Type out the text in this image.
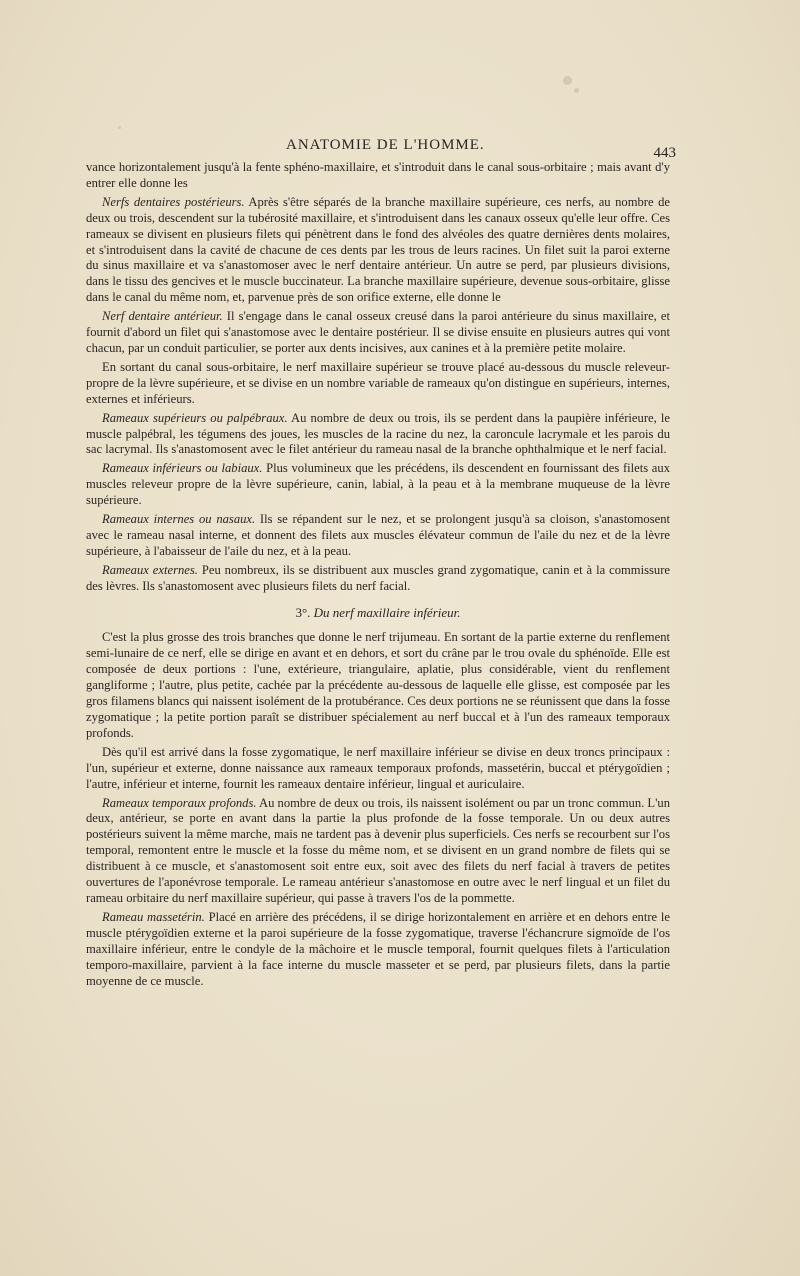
ANATOMIE DE L'HOMME.	443

vance horizontalement jusqu'à la fente sphéno-maxillaire, et s'introduit dans le canal sous-orbitaire ; mais avant d'y entrer elle donne les

Nerfs dentaires postérieurs. Après s'être séparés de la branche maxillaire supérieure, ces nerfs, au nombre de deux ou trois, descendent sur la tubérosité maxillaire, et s'introduisent dans les canaux osseux qu'elle leur offre. Ces rameaux se divisent en plusieurs filets qui pénètrent dans le fond des alvéoles des quatre dernières dents molaires, et s'introduisent dans la cavité de chacune de ces dents par les trous de leurs racines. Un filet suit la paroi externe du sinus maxillaire et va s'anastomoser avec le nerf dentaire antérieur. Un autre se perd, par plusieurs divisions, dans le tissu des gencives et le muscle buccinateur. La branche maxillaire supérieure, devenue sous-orbitaire, glisse dans le canal du même nom, et, parvenue près de son orifice externe, elle donne le

Nerf dentaire antérieur. Il s'engage dans le canal osseux creusé dans la paroi antérieure du sinus maxillaire, et fournit d'abord un filet qui s'anastomose avec le dentaire postérieur. Il se divise ensuite en plusieurs autres qui vont chacun, par un conduit particulier, se porter aux dents incisives, aux canines et à la première petite molaire.

En sortant du canal sous-orbitaire, le nerf maxillaire supérieur se trouve placé au-dessous du muscle releveur-propre de la lèvre supérieure, et se divise en un nombre variable de rameaux qu'on distingue en supérieurs, internes, externes et inférieurs.

Rameaux supérieurs ou palpébraux. Au nombre de deux ou trois, ils se perdent dans la paupière inférieure, le muscle palpébral, les tégumens des joues, les muscles de la racine du nez, la caroncule lacrymale et les parois du sac lacrymal. Ils s'anastomosent avec le filet antérieur du rameau nasal de la branche ophthalmique et le nerf facial.

Rameaux inférieurs ou labiaux. Plus volumineux que les précédens, ils descendent en fournissant des filets aux muscles releveur propre de la lèvre supérieure, canin, labial, à la peau et à la membrane muqueuse de la lèvre supérieure.

Rameaux internes ou nasaux. Ils se répandent sur le nez, et se prolongent jusqu'à sa cloison, s'anastomosent avec le rameau nasal interne, et donnent des filets aux muscles élévateur commun de l'aile du nez et de la lèvre supérieure, à l'abaisseur de l'aile du nez, et à la peau.

Rameaux externes. Peu nombreux, ils se distribuent aux muscles grand zygomatique, canin et à la commissure des lèvres. Ils s'anastomosent avec plusieurs filets du nerf facial.

3°. Du nerf maxillaire inférieur.

C'est la plus grosse des trois branches que donne le nerf trijumeau. En sortant de la partie externe du renflement semi-lunaire de ce nerf, elle se dirige en avant et en dehors, et sort du crâne par le trou ovale du sphénoïde. Elle est composée de deux portions : l'une, extérieure, triangulaire, aplatie, plus considérable, vient du renflement gangliforme ; l'autre, plus petite, cachée par la précédente au-dessous de laquelle elle glisse, est composée par les gros filamens blancs qui naissent isolément de la protubérance. Ces deux portions ne se réunissent que dans la fosse zygomatique ; la petite portion paraît se distribuer spécialement au nerf buccal et à l'un des rameaux temporaux profonds.

Dès qu'il est arrivé dans la fosse zygomatique, le nerf maxillaire inférieur se divise en deux troncs principaux : l'un, supérieur et externe, donne naissance aux rameaux temporaux profonds, massetérin, buccal et ptérygoïdien ; l'autre, inférieur et interne, fournit les rameaux dentaire inférieur, lingual et auriculaire.

Rameaux temporaux profonds. Au nombre de deux ou trois, ils naissent isolément ou par un tronc commun. L'un deux, antérieur, se porte en avant dans la partie la plus profonde de la fosse temporale. Un ou deux autres postérieurs suivent la même marche, mais ne tardent pas à devenir plus superficiels. Ces nerfs se recourbent sur l'os temporal, remontent entre le muscle et la fosse du même nom, et se divisent en un grand nombre de filets qui se distribuent à ce muscle, et s'anastomosent soit entre eux, soit avec des filets du nerf facial à travers de petites ouvertures de l'aponévrose temporale. Le rameau antérieur s'anastomose en outre avec le nerf lingual et un filet du rameau orbitaire du nerf maxillaire supérieur, qui passe à travers l'os de la pommette.

Rameau massetérin. Placé en arrière des précédens, il se dirige horizontalement en arrière et en dehors entre le muscle ptérygoïdien externe et la paroi supérieure de la fosse zygomatique, traverse l'échancrure sigmoïde de l'os maxillaire inférieur, entre le condyle de la mâchoire et le muscle temporal, fournit quelques filets à l'articulation temporo-maxillaire, parvient à la face interne du muscle masseter et se perd, par plusieurs filets, dans la partie moyenne de ce muscle.
